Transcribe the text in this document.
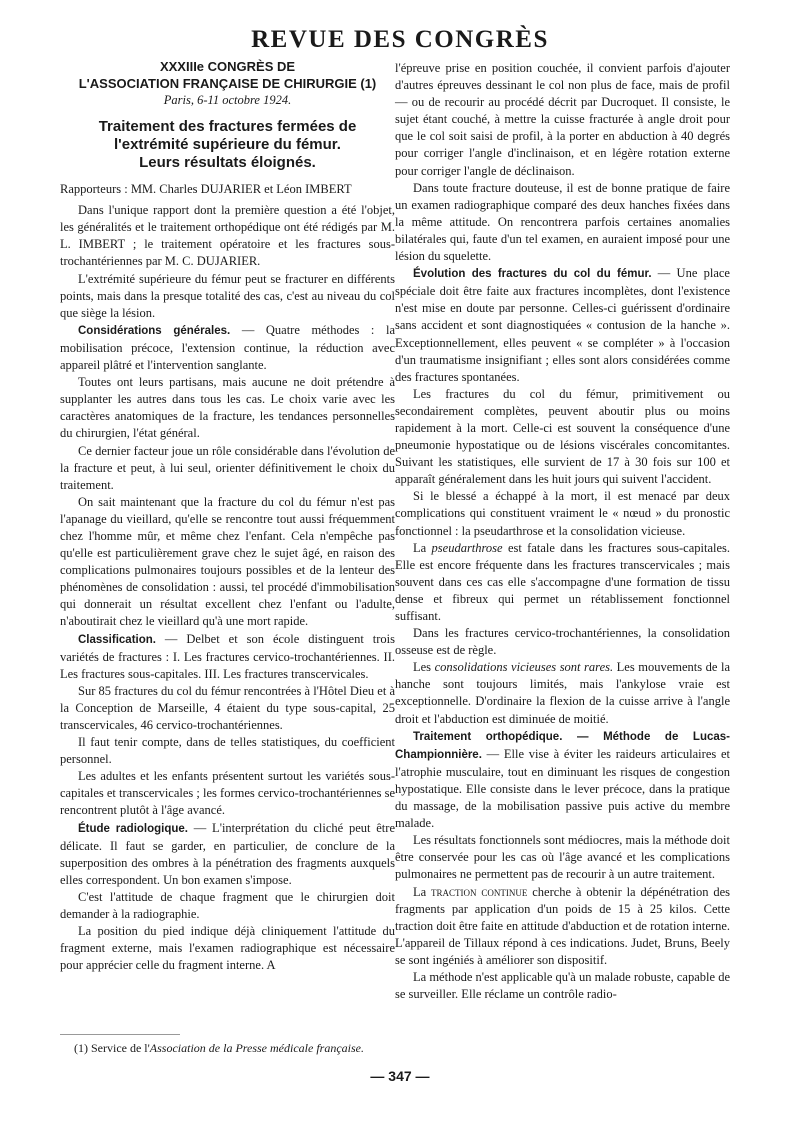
REVUE DES CONGRÈS
XXXIIIe CONGRÈS DE
L'ASSOCIATION FRANÇAISE DE CHIRURGIE (1)
Paris, 6-11 octobre 1924.
Traitement des fractures fermées de
l'extrémité supérieure du fémur.
Leurs résultats éloignés.

Rapporteurs : MM. Charles DUJARIER et Léon IMBERT

Dans l'unique rapport dont la première question a été l'objet, les généralités et le traitement orthopédique ont été rédigés par M. L. IMBERT ; le traitement opératoire et les fractures sous-trochantériennes par M. C. DUJARIER.

L'extrémité supérieure du fémur peut se fracturer en différents points, mais dans la presque totalité des cas, c'est au niveau du col que siège la lésion.

Considérations générales. — Quatre méthodes : la mobilisation précoce, l'extension continue, la réduction avec appareil plâtré et l'intervention sanglante.

Toutes ont leurs partisans, mais aucune ne doit prétendre à supplanter les autres dans tous les cas. Le choix varie avec les caractères anatomiques de la fracture, les tendances personnelles du chirurgien, l'état général.

Ce dernier facteur joue un rôle considérable dans l'évolution de la fracture et peut, à lui seul, orienter définitivement le choix du traitement.

On sait maintenant que la fracture du col du fémur n'est pas l'apanage du vieillard, qu'elle se rencontre tout aussi fréquemment chez l'homme mûr, et même chez l'enfant. Cela n'empêche pas qu'elle est particulièrement grave chez le sujet âgé, en raison des complications pulmonaires toujours possibles et de la lenteur des phénomènes de consolidation : aussi, tel procédé d'immobilisation qui donnerait un résultat excellent chez l'enfant ou l'adulte, n'aboutirait chez le vieillard qu'à une mort rapide.

Classification. — Delbet et son école distinguent trois variétés de fractures : I. Les fractures cervico-trochantériennes. II. Les fractures sous-capitales. III. Les fractures transcervicales.

Sur 85 fractures du col du fémur rencontrées à l'Hôtel Dieu et à la Conception de Marseille, 4 étaient du type sous-capital, 25 transcervicales, 46 cervico-trochantériennes.

Il faut tenir compte, dans de telles statistiques, du coefficient personnel.

Les adultes et les enfants présentent surtout les variétés sous-capitales et transcervicales ; les formes cervico-trochantériennes se rencontrent plutôt à l'âge avancé.

Étude radiologique. — L'interprétation du cliché peut être délicate. Il faut se garder, en particulier, de conclure de la superposition des ombres à la pénétration des fragments auxquels elles correspondent. Un bon examen s'impose.

C'est l'attitude de chaque fragment que le chirurgien doit demander à la radiographie.

La position du pied indique déjà cliniquement l'attitude du fragment externe, mais l'examen radiographique est nécessaire pour apprécier celle du fragment interne. A

l'épreuve prise en position couchée, il convient parfois d'ajouter d'autres épreuves dessinant le col non plus de face, mais de profil — ou de recourir au procédé décrit par Ducroquet. Il consiste, le sujet étant couché, à mettre la cuisse fracturée à angle droit pour que le col soit saisi de profil, à la porter en abduction à 40 degrés pour corriger l'angle d'inclinaison, et en légère rotation externe pour corriger l'angle de déclinaison.

Dans toute fracture douteuse, il est de bonne pratique de faire un examen radiographique comparé des deux hanches fixées dans la même attitude. On rencontrera parfois certaines anomalies bilatérales qui, faute d'un tel examen, en auraient imposé pour une lésion du squelette.

Évolution des fractures du col du fémur. — Une place spéciale doit être faite aux fractures incomplètes, dont l'existence n'est mise en doute par personne. Celles-ci guérissent d'ordinaire sans accident et sont diagnostiquées « contusion de la hanche ». Exceptionnellement, elles peuvent « se compléter » à l'occasion d'un traumatisme insignifiant ; elles sont alors considérées comme des fractures spontanées.

Les fractures du col du fémur, primitivement ou secondairement complètes, peuvent aboutir plus ou moins rapidement à la mort. Celle-ci est souvent la conséquence d'une pneumonie hypostatique ou de lésions viscérales concomitantes. Suivant les statistiques, elle survient de 17 à 30 fois sur 100 et apparaît généralement dans les huit jours qui suivent l'accident.

Si le blessé a échappé à la mort, il est menacé par deux complications qui constituent vraiment le « nœud » du pronostic fonctionnel : la pseudarthrose et la consolidation vicieuse.

La pseudarthrose est fatale dans les fractures sous-capitales. Elle est encore fréquente dans les fractures transcervicales ; mais souvent dans ces cas elle s'accompagne d'une formation de tissu dense et fibreux qui permet un rétablissement fonctionnel suffisant.

Dans les fractures cervico-trochantériennes, la consolidation osseuse est de règle.

Les consolidations vicieuses sont rares. Les mouvements de la hanche sont toujours limités, mais l'ankylose vraie est exceptionnelle. D'ordinaire la flexion de la cuisse arrive à l'angle droit et l'abduction est diminuée de moitié.

Traitement orthopédique. — Méthode de Lucas-Championnière. — Elle vise à éviter les raideurs articulaires et l'atrophie musculaire, tout en diminuant les risques de congestion hypostatique. Elle consiste dans le lever précoce, dans la pratique du massage, de la mobilisation passive puis active du membre malade.

Les résultats fonctionnels sont médiocres, mais la méthode doit être conservée pour les cas où l'âge avancé et les complications pulmonaires ne permettent pas de recourir à un autre traitement.

La traction continue cherche à obtenir la dépénétration des fragments par application d'un poids de 15 à 25 kilos. Cette traction doit être faite en attitude d'abduction et de rotation interne. L'appareil de Tillaux répond à ces indications. Judet, Bruns, Beely se sont ingéniés à améliorer son dispositif.

La méthode n'est applicable qu'à un malade robuste, capable de se surveiller. Elle réclame un contrôle radio-

(1) Service de l'Association de la Presse médicale française.
— 347 —
